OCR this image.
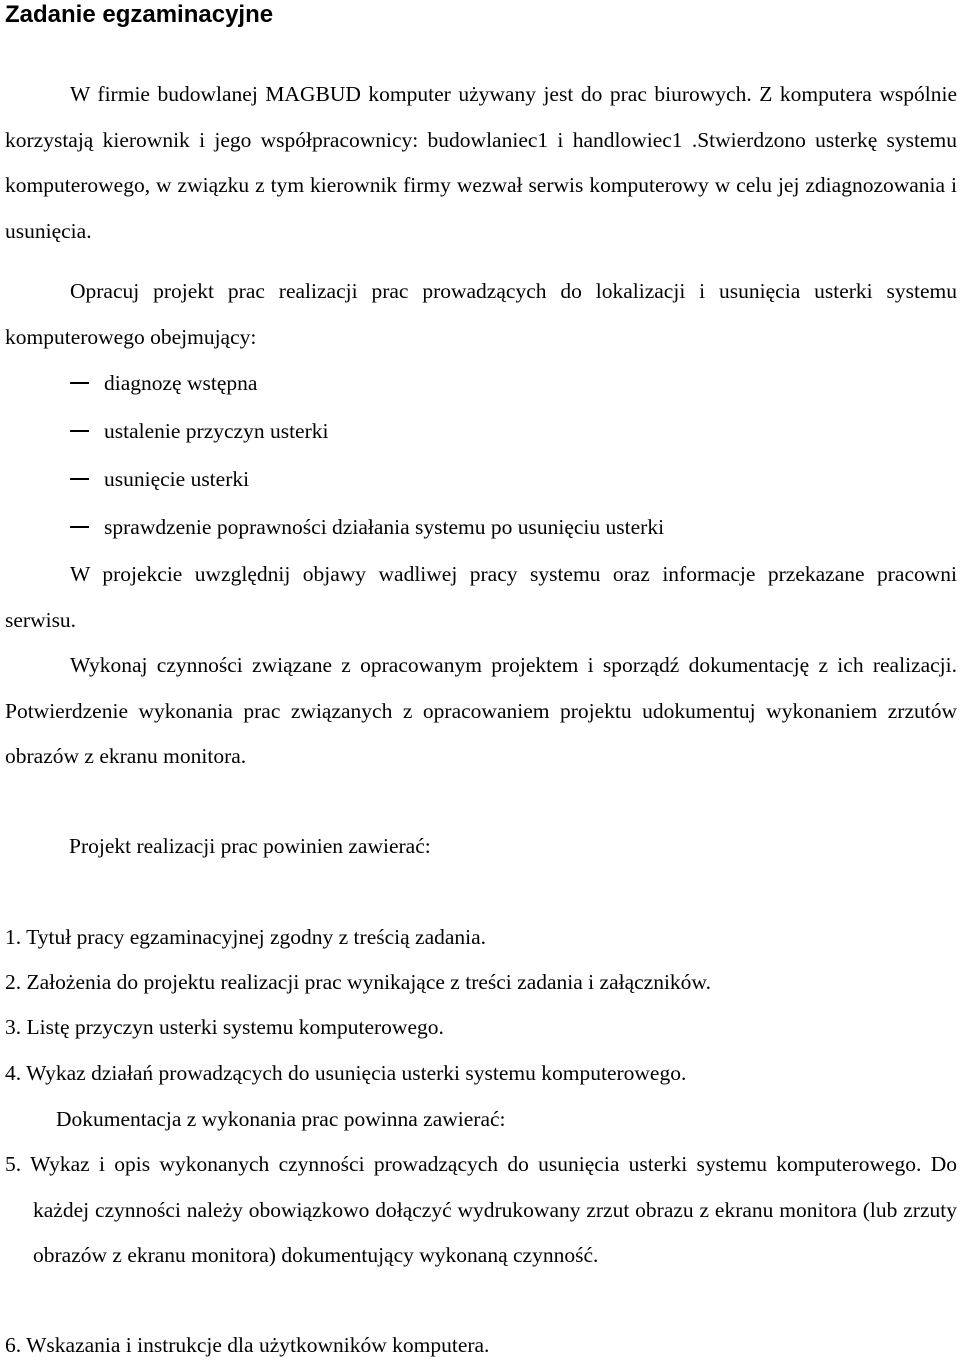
Zadanie egzaminacyjne

W firmie budowlanej MAGBUD komputer używany jest do prac biurowych. Z komputera wspólnie korzystają kierownik i jego współpracownicy: budowlaniec1 i handlowiec1 .Stwierdzono usterkę systemu komputerowego, w związku z tym kierownik firmy wezwał serwis komputerowy w celu jej zdiagnozowania i usunięcia.

Opracuj projekt prac realizacji prac prowadzących do lokalizacji i usunięcia usterki systemu komputerowego obejmujący:

diagnozę wstępna
ustalenie przyczyn usterki
usunięcie usterki
sprawdzenie poprawności działania systemu po usunięciu usterki

W projekcie uwzględnij objawy wadliwej pracy systemu oraz informacje przekazane pracowni serwisu.

Wykonaj czynności związane z opracowanym projektem i sporządź dokumentację z ich realizacji. Potwierdzenie wykonania prac związanych z opracowaniem projektu udokumentuj wykonaniem zrzutów obrazów z ekranu monitora.

Projekt realizacji prac powinien zawierać:

1. Tytuł pracy egzaminacyjnej zgodny z treścią zadania.

2. Założenia do projektu realizacji prac wynikające z treści zadania i załączników.

3. Listę przyczyn usterki systemu komputerowego.

4. Wykaz działań prowadzących do usunięcia usterki systemu komputerowego.

Dokumentacja z wykonania prac powinna zawierać:

5. Wykaz i opis wykonanych czynności prowadzących do usunięcia usterki systemu komputerowego. Do każdej czynności należy obowiązkowo dołączyć wydrukowany zrzut obrazu z ekranu monitora (lub zrzuty obrazów z ekranu monitora) dokumentujący wykonaną czynność.

6. Wskazania i instrukcje dla użytkowników komputera.
